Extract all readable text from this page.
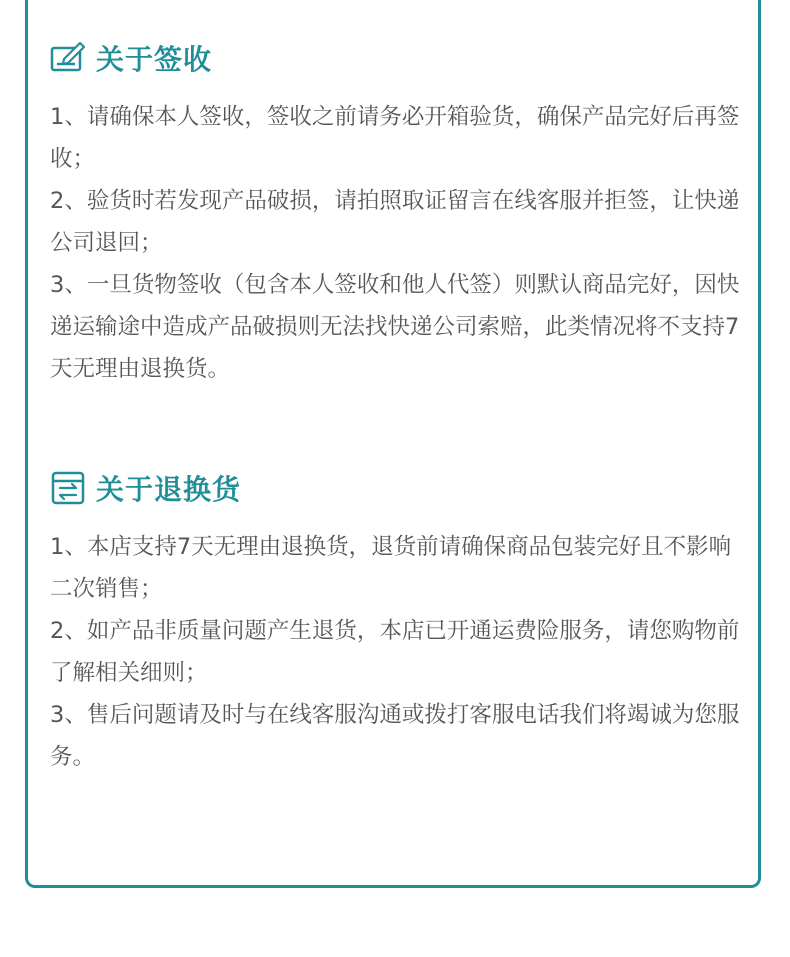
关于签收

1、请确保本人签收，签收之前请务必开箱验货，确保产品完好后再签收；

2、验货时若发现产品破损，请拍照取证留言在线客服并拒签，让快递公司退回；

3、一旦货物签收（包含本人签收和他人代签）则默认商品完好，因快递运输途中造成产品破损则无法找快递公司索赔，此类情况将不支持7天无理由退换货。

关于退换货

1、本店支持7天无理由退换货，退货前请确保商品包装完好且不影响二次销售；

2、如产品非质量问题产生退货，本店已开通运费险服务，请您购物前了解相关细则；

3、售后问题请及时与在线客服沟通或拨打客服电话我们将竭诚为您服务。
